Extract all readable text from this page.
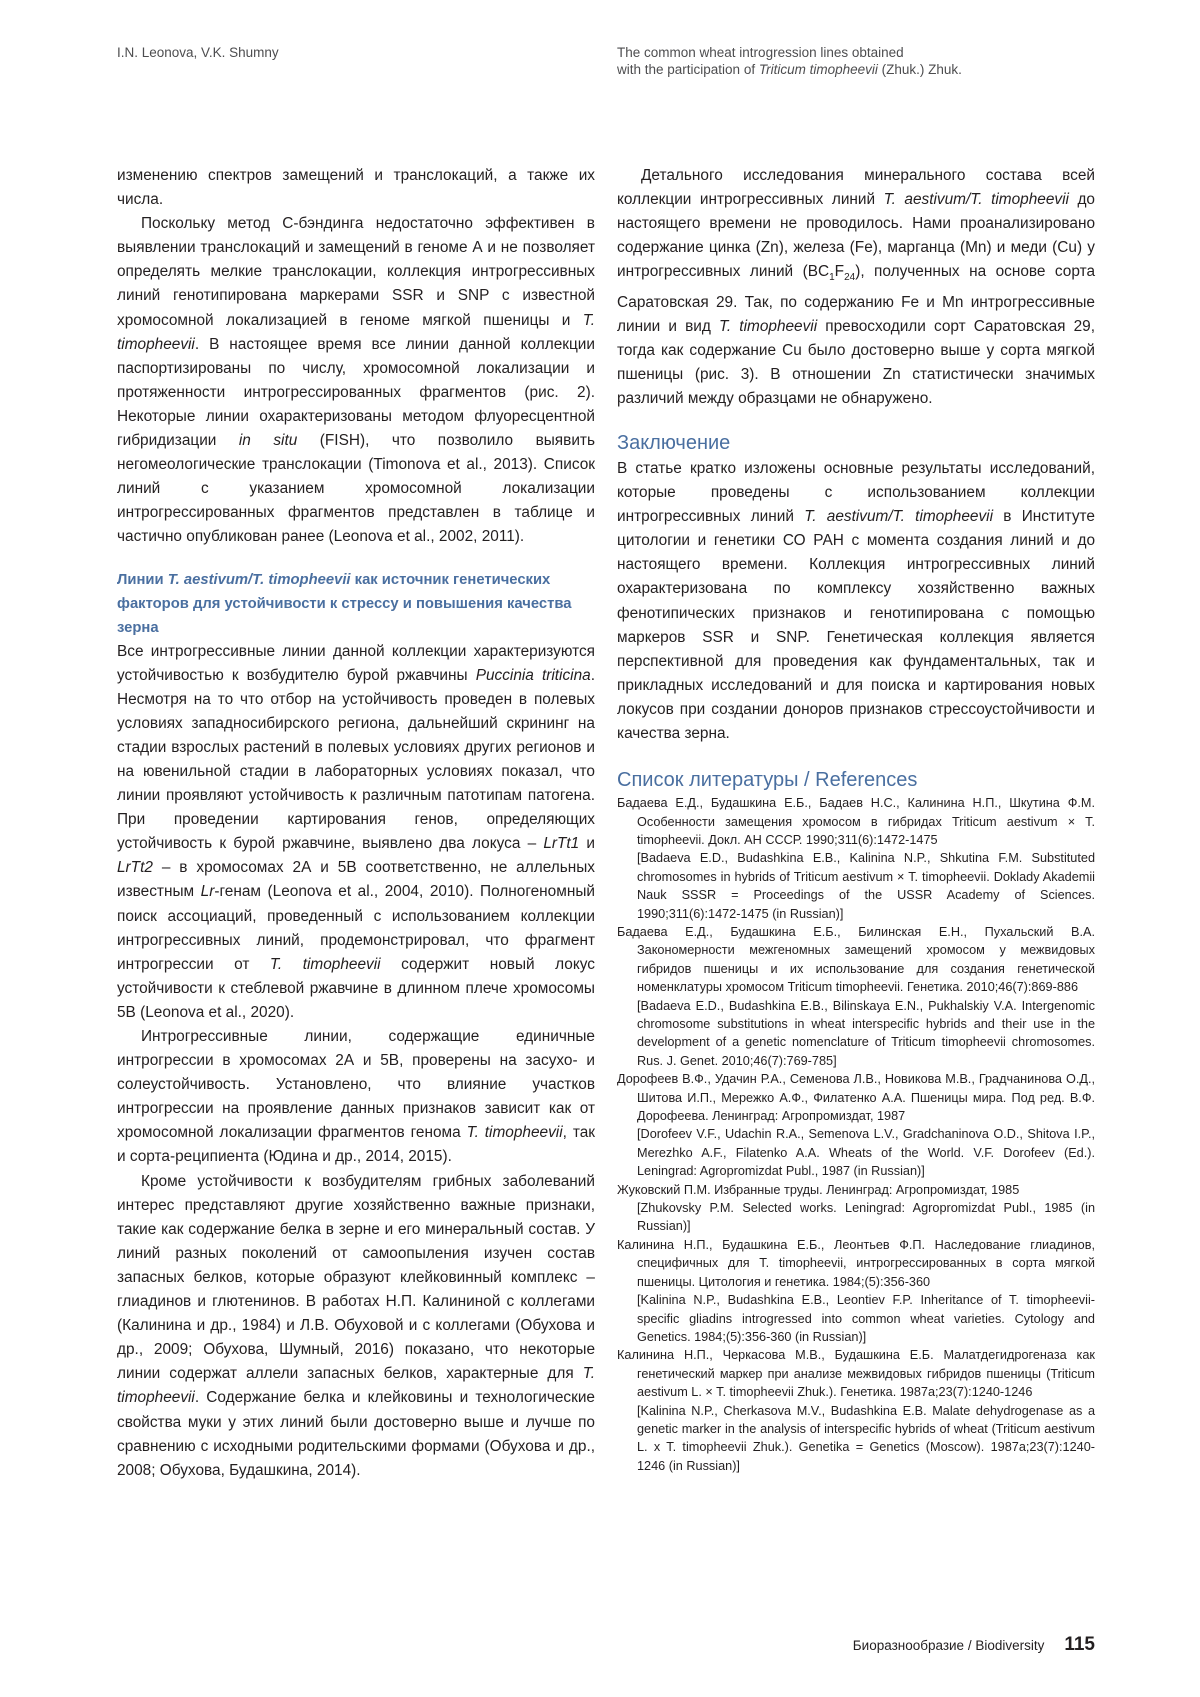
I.N. Leonova, V.K. Shumny	The common wheat introgression lines obtained
with the participation of Triticum timopheevii (Zhuk.) Zhuk.

изменению спектров замещений и транслокаций, а также их числа.

Поскольку метод С-бэндинга недостаточно эффективен в выявлении транслокаций и замещений в геноме А и не позволяет определять мелкие транслокации, коллекция интрогрессивных линий генотипирована маркерами SSR и SNP с известной хромосомной локализацией в геноме мягкой пшеницы и T. timopheevii. В настоящее время все линии данной коллекции паспортизированы по числу, хромосомной локализации и протяженности интрогрессированных фрагментов (рис. 2). Некоторые линии охарактеризованы методом флуоресцентной гибридизации in situ (FISH), что позволило выявить негомеологические транслокации (Timonova et al., 2013). Список линий с указанием хромосомной локализации интрогрессированных фрагментов представлен в таблице и частично опубликован ранее (Leonova et al., 2002, 2011).

Линии T. aestivum/T. timopheevii как источник генетических факторов для устойчивости к стрессу и повышения качества зерна

Все интрогрессивные линии данной коллекции характеризуются устойчивостью к возбудителю бурой ржавчины Puccinia triticina. Несмотря на то что отбор на устойчивость проведен в полевых условиях западносибирского региона, дальнейший скрининг на стадии взрослых растений в полевых условиях других регионов и на ювенильной стадии в лабораторных условиях показал, что линии проявляют устойчивость к различным патотипам патогена. При проведении картирования генов, определяющих устойчивость к бурой ржавчине, выявлено два локуса – LrTt1 и LrTt2 – в хромосомах 2А и 5В соответственно, не аллельных известным Lr-генам (Leonova et al., 2004, 2010). Полногеномный поиск ассоциаций, проведенный с использованием коллекции интрогрессивных линий, продемонстрировал, что фрагмент интрогрессии от T. timopheevii содержит новый локус устойчивости к стеблевой ржавчине в длинном плече хромосомы 5В (Leonova et al., 2020).

Интрогрессивные линии, содержащие единичные интрогрессии в хромосомах 2А и 5В, проверены на засухо- и солеустойчивость. Установлено, что влияние участков интрогрессии на проявление данных признаков зависит как от хромосомной локализации фрагментов генома T. timopheevii, так и сорта-реципиента (Юдина и др., 2014, 2015).

Кроме устойчивости к возбудителям грибных заболеваний интерес представляют другие хозяйственно важные признаки, такие как содержание белка в зерне и его минеральный состав. У линий разных поколений от самоопыления изучен состав запасных белков, которые образуют клейковинный комплекс – глиадинов и глютенинов. В работах Н.П. Калининой с коллегами (Калинина и др., 1984) и Л.В. Обуховой и с коллегами (Обухова и др., 2009; Обухова, Шумный, 2016) показано, что некоторые линии содержат аллели запасных белков, характерные для T. timopheevii. Содержание белка и клейковины и технологические свойства муки у этих линий были достоверно выше и лучше по сравнению с исходными родительскими формами (Обухова и др., 2008; Обухова, Будашкина, 2014).

Детального исследования минерального состава всей коллекции интрогрессивных линий T. aestivum/T. timopheevii до настоящего времени не проводилось. Нами проанализировано содержание цинка (Zn), железа (Fe), марганца (Mn) и меди (Cu) у интрогрессивных линий $(BC_1F_{24})$, полученных на основе сорта Саратовская 29. Так, по содержанию Fe и Mn интрогрессивные линии и вид T. timopheevii превосходили сорт Саратовская 29, тогда как содержание Cu было достоверно выше у сорта мягкой пшеницы (рис. 3). В отношении Zn статистически значимых различий между образцами не обнаружено.

Заключение

В статье кратко изложены основные результаты исследований, которые проведены с использованием коллекции интрогрессивных линий T. aestivum/T. timopheevii в Институте цитологии и генетики СО РАН с момента создания линий и до настоящего времени. Коллекция интрогрессивных линий охарактеризована по комплексу хозяйственно важных фенотипических признаков и генотипирована с помощью маркеров SSR и SNP. Генетическая коллекция является перспективной для проведения как фундаментальных, так и прикладных исследований и для поиска и картирования новых локусов при создании доноров признаков стрессоустойчивости и качества зерна.

Список литературы / References
Бадаева Е.Д., Будашкина Е.Б., Бадаев Н.С., Калинина Н.П., Шкутина Ф.М. Особенности замещения хромосом в гибридах Triticum aestivum × T. timopheevii. Докл. АН СССР. 1990;311(6):1472-1475
[Badaeva E.D., Budashkina E.B., Kalinina N.P., Shkutina F.M. Substituted chromosomes in hybrids of Triticum aestivum × T. timopheevii. Doklady Akademii Nauk SSSR = Proceedings of the USSR Academy of Sciences. 1990;311(6):1472-1475 (in Russian)]
Бадаева Е.Д., Будашкина Е.Б., Билинская Е.Н., Пухальский В.А. Закономерности межгеномных замещений хромосом у межвидовых гибридов пшеницы и их использование для создания генетической номенклатуры хромосом Triticum timopheevii. Генетика. 2010;46(7):869-886
[Badaeva E.D., Budashkina E.B., Bilinskaya E.N., Pukhalskiy V.A. Intergenomic chromosome substitutions in wheat interspecific hybrids and their use in the development of a genetic nomenclature of Triticum timopheevii chromosomes. Rus. J. Genet. 2010;46(7):769-785]
Дорофеев В.Ф., Удачин Р.А., Семенова Л.В., Новикова М.В., Градчанинова О.Д., Шитова И.П., Мережко А.Ф., Филатенко А.А. Пшеницы мира. Под ред. В.Ф. Дорофеева. Ленинград: Агропромиздат, 1987
[Dorofeev V.F., Udachin R.A., Semenova L.V., Gradchaninova O.D., Shitova I.P., Merezhko A.F., Filatenko A.A. Wheats of the World. V.F. Dorofeev (Ed.). Leningrad: Agropromizdat Publ., 1987 (in Russian)]
Жуковский П.М. Избранные труды. Ленинград: Агропромиздат, 1985
[Zhukovsky P.M. Selected works. Leningrad: Agropromizdat Publ., 1985 (in Russian)]
Калинина Н.П., Будашкина Е.Б., Леонтьев Ф.П. Наследование глиадинов, специфичных для T. timopheevii, интрогрессированных в сорта мягкой пшеницы. Цитология и генетика. 1984;(5):356-360
[Kalinina N.P., Budashkina E.B., Leontiev F.P. Inheritance of T. timopheevii-specific gliadins introgressed into common wheat varieties. Cytology and Genetics. 1984;(5):356-360 (in Russian)]
Калинина Н.П., Черкасова М.В., Будашкина Е.Б. Малатдегидрогеназа как генетический маркер при анализе межвидовых гибридов пшеницы (Triticum aestivum L. × T. timopheevii Zhuk.). Генетика. 1987a;23(7):1240-1246
[Kalinina N.P., Cherkasova M.V., Budashkina E.B. Malate dehydrogenase as a genetic marker in the analysis of interspecific hybrids of wheat (Triticum aestivum L. x T. timopheevii Zhuk.). Genetika = Genetics (Moscow). 1987a;23(7):1240-1246 (in Russian)]
Биоразнообразие / Biodiversity 115
